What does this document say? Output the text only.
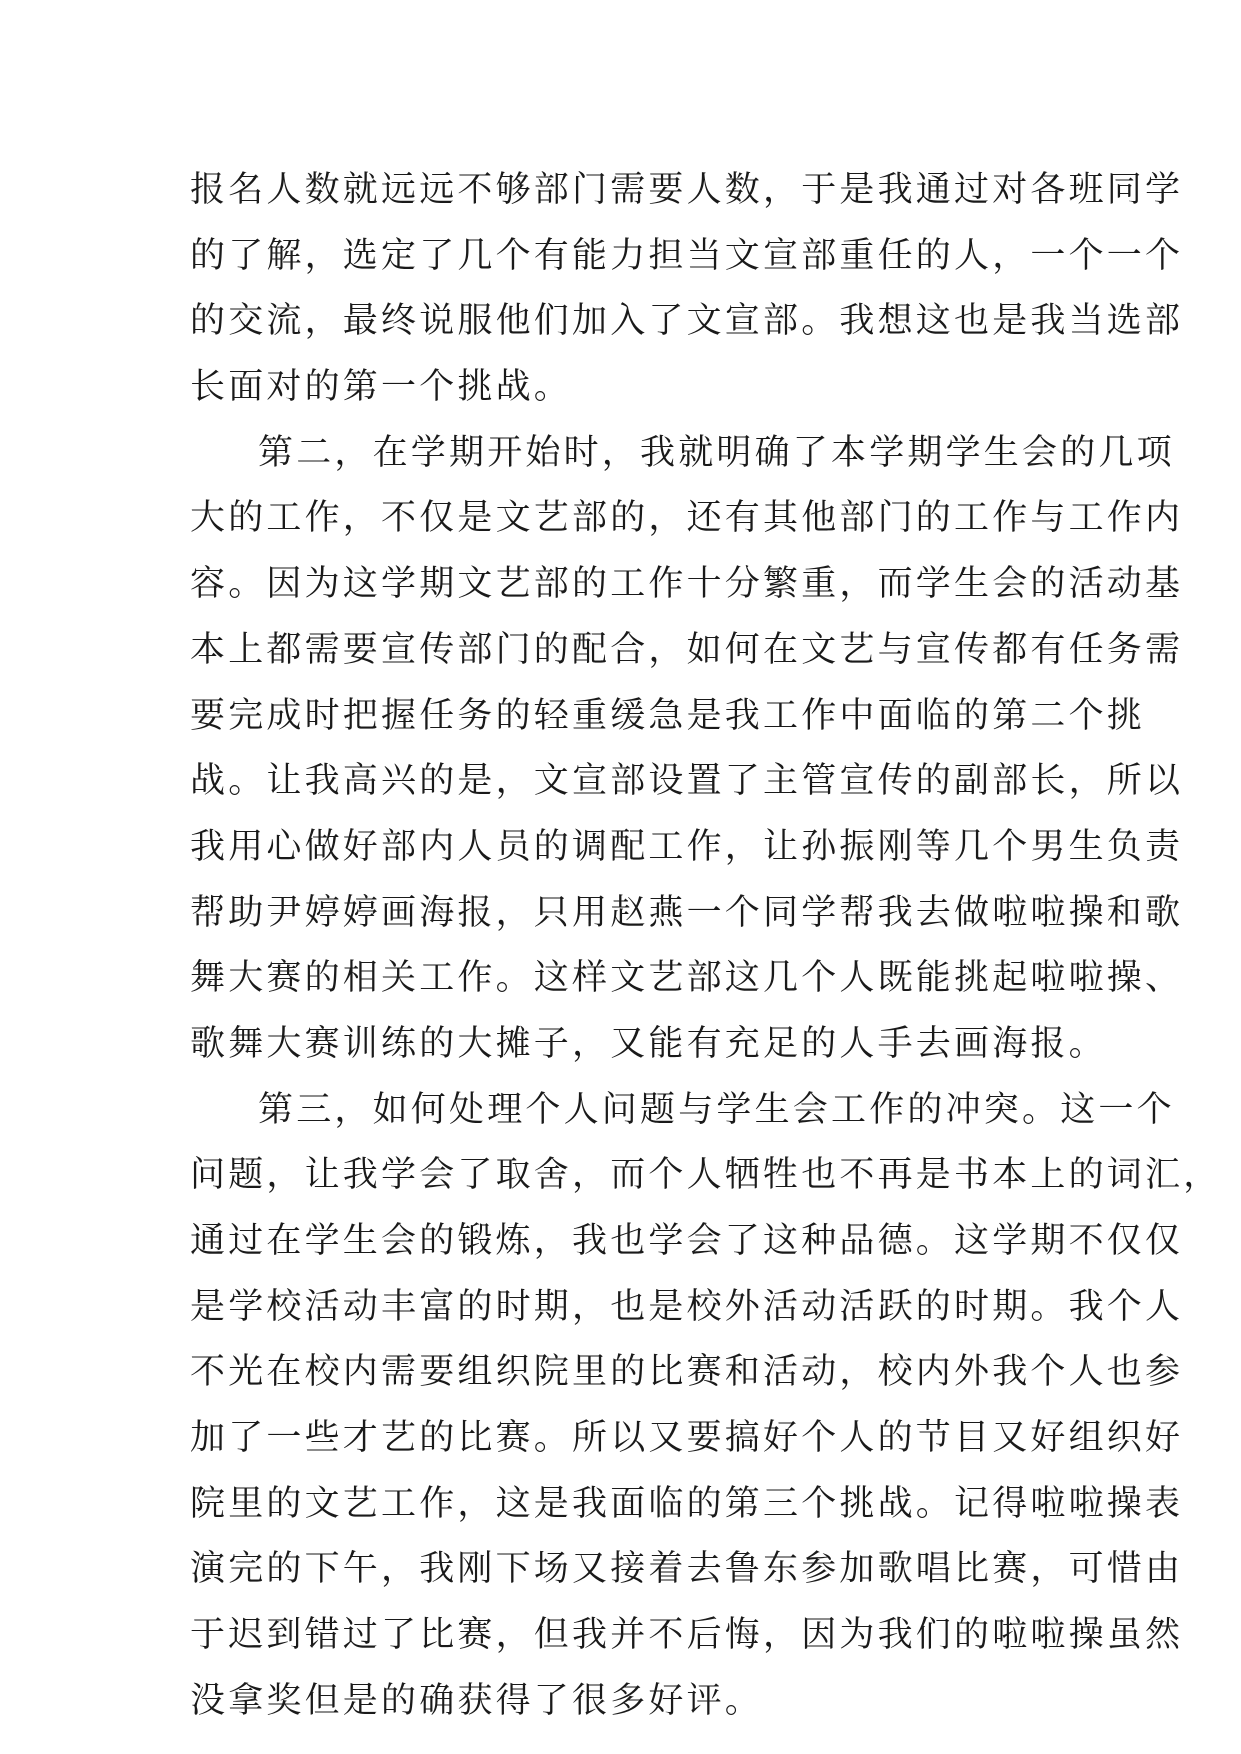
报名人数就远远不够部门需要人数，于是我通过对各班同学
的了解，选定了几个有能力担当文宣部重任的人，一个一个
的交流，最终说服他们加入了文宣部。我想这也是我当选部
长面对的第一个挑战。
第二，在学期开始时，我就明确了本学期学生会的几项
大的工作，不仅是文艺部的，还有其他部门的工作与工作内
容。因为这学期文艺部的工作十分繁重，而学生会的活动基
本上都需要宣传部门的配合，如何在文艺与宣传都有任务需
要完成时把握任务的轻重缓急是我工作中面临的第二个挑
战。让我高兴的是，文宣部设置了主管宣传的副部长，所以
我用心做好部内人员的调配工作，让孙振刚等几个男生负责
帮助尹婷婷画海报，只用赵燕一个同学帮我去做啦啦操和歌
舞大赛的相关工作。这样文艺部这几个人既能挑起啦啦操、
歌舞大赛训练的大摊子，又能有充足的人手去画海报。
第三，如何处理个人问题与学生会工作的冲突。这一个
问题，让我学会了取舍，而个人牺牲也不再是书本上的词汇，
通过在学生会的锻炼，我也学会了这种品德。这学期不仅仅
是学校活动丰富的时期，也是校外活动活跃的时期。我个人
不光在校内需要组织院里的比赛和活动，校内外我个人也参
加了一些才艺的比赛。所以又要搞好个人的节目又好组织好
院里的文艺工作，这是我面临的第三个挑战。记得啦啦操表
演完的下午，我刚下场又接着去鲁东参加歌唱比赛，可惜由
于迟到错过了比赛，但我并不后悔，因为我们的啦啦操虽然
没拿奖但是的确获得了很多好评。
